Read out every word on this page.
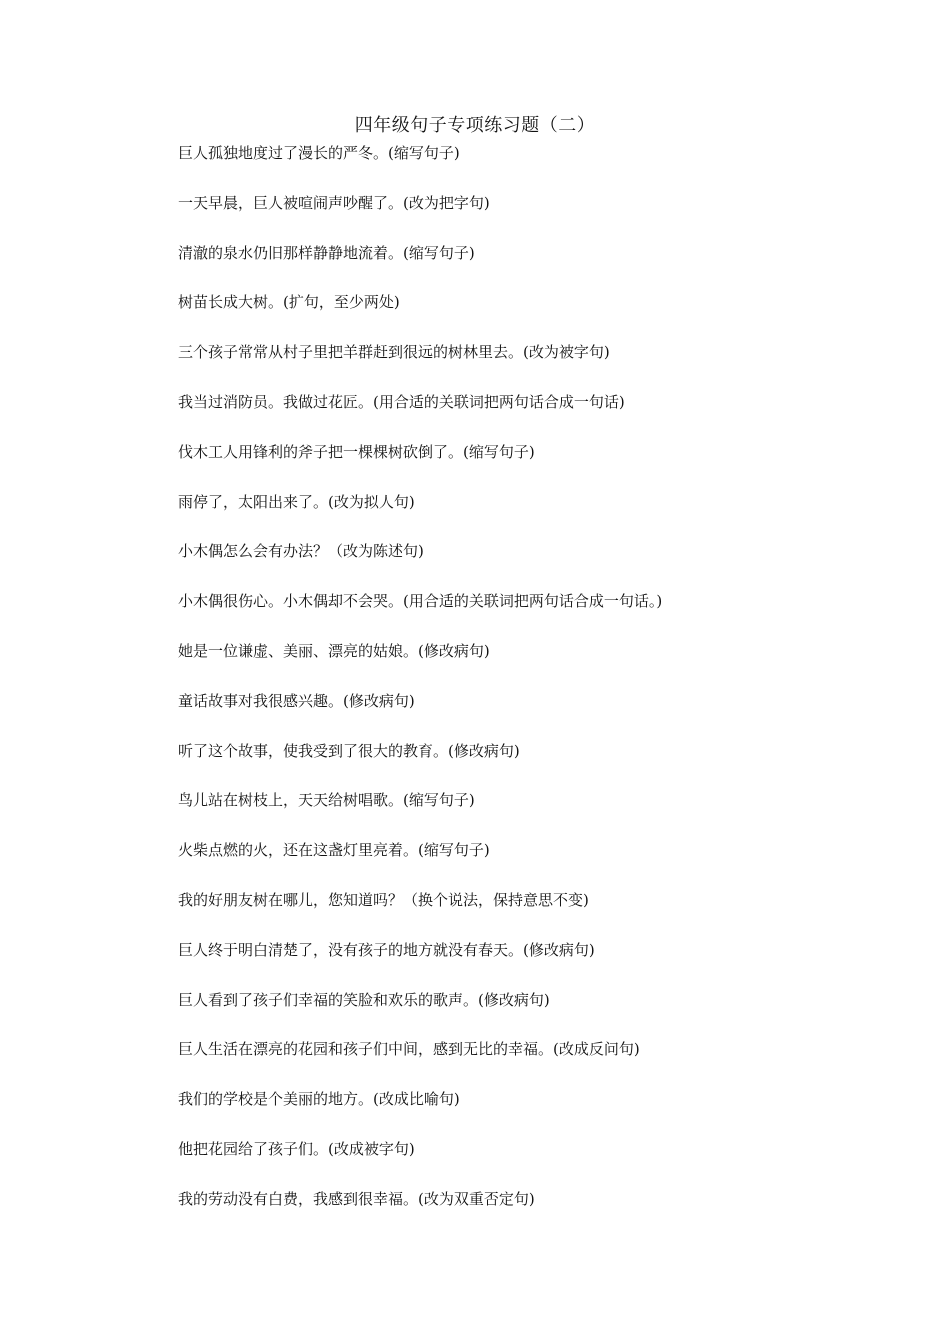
四年级句子专项练习题（二）
巨人孤独地度过了漫长的严冬。(缩写句子)
一天早晨，巨人被喧闹声吵醒了。(改为把字句)
清澈的泉水仍旧那样静静地流着。(缩写句子)
树苗长成大树。(扩句，至少两处)
三个孩子常常从村子里把羊群赶到很远的树林里去。(改为被字句)
我当过消防员。我做过花匠。(用合适的关联词把两句话合成一句话)
伐木工人用锋利的斧子把一棵棵树砍倒了。(缩写句子)
雨停了，太阳出来了。(改为拟人句)
小木偶怎么会有办法？（改为陈述句)
小木偶很伤心。小木偶却不会哭。(用合适的关联词把两句话合成一句话。)
她是一位谦虚、美丽、漂亮的姑娘。(修改病句)
童话故事对我很感兴趣。(修改病句)
听了这个故事，使我受到了很大的教育。(修改病句)
鸟儿站在树枝上，天天给树唱歌。(缩写句子)
火柴点燃的火，还在这盏灯里亮着。(缩写句子)
我的好朋友树在哪儿，您知道吗？（换个说法，保持意思不变)
巨人终于明白清楚了，没有孩子的地方就没有春天。(修改病句)
巨人看到了孩子们幸福的笑脸和欢乐的歌声。(修改病句)
巨人生活在漂亮的花园和孩子们中间，感到无比的幸福。(改成反问句)
我们的学校是个美丽的地方。(改成比喻句)
他把花园给了孩子们。(改成被字句)
我的劳动没有白费，我感到很幸福。(改为双重否定句)
